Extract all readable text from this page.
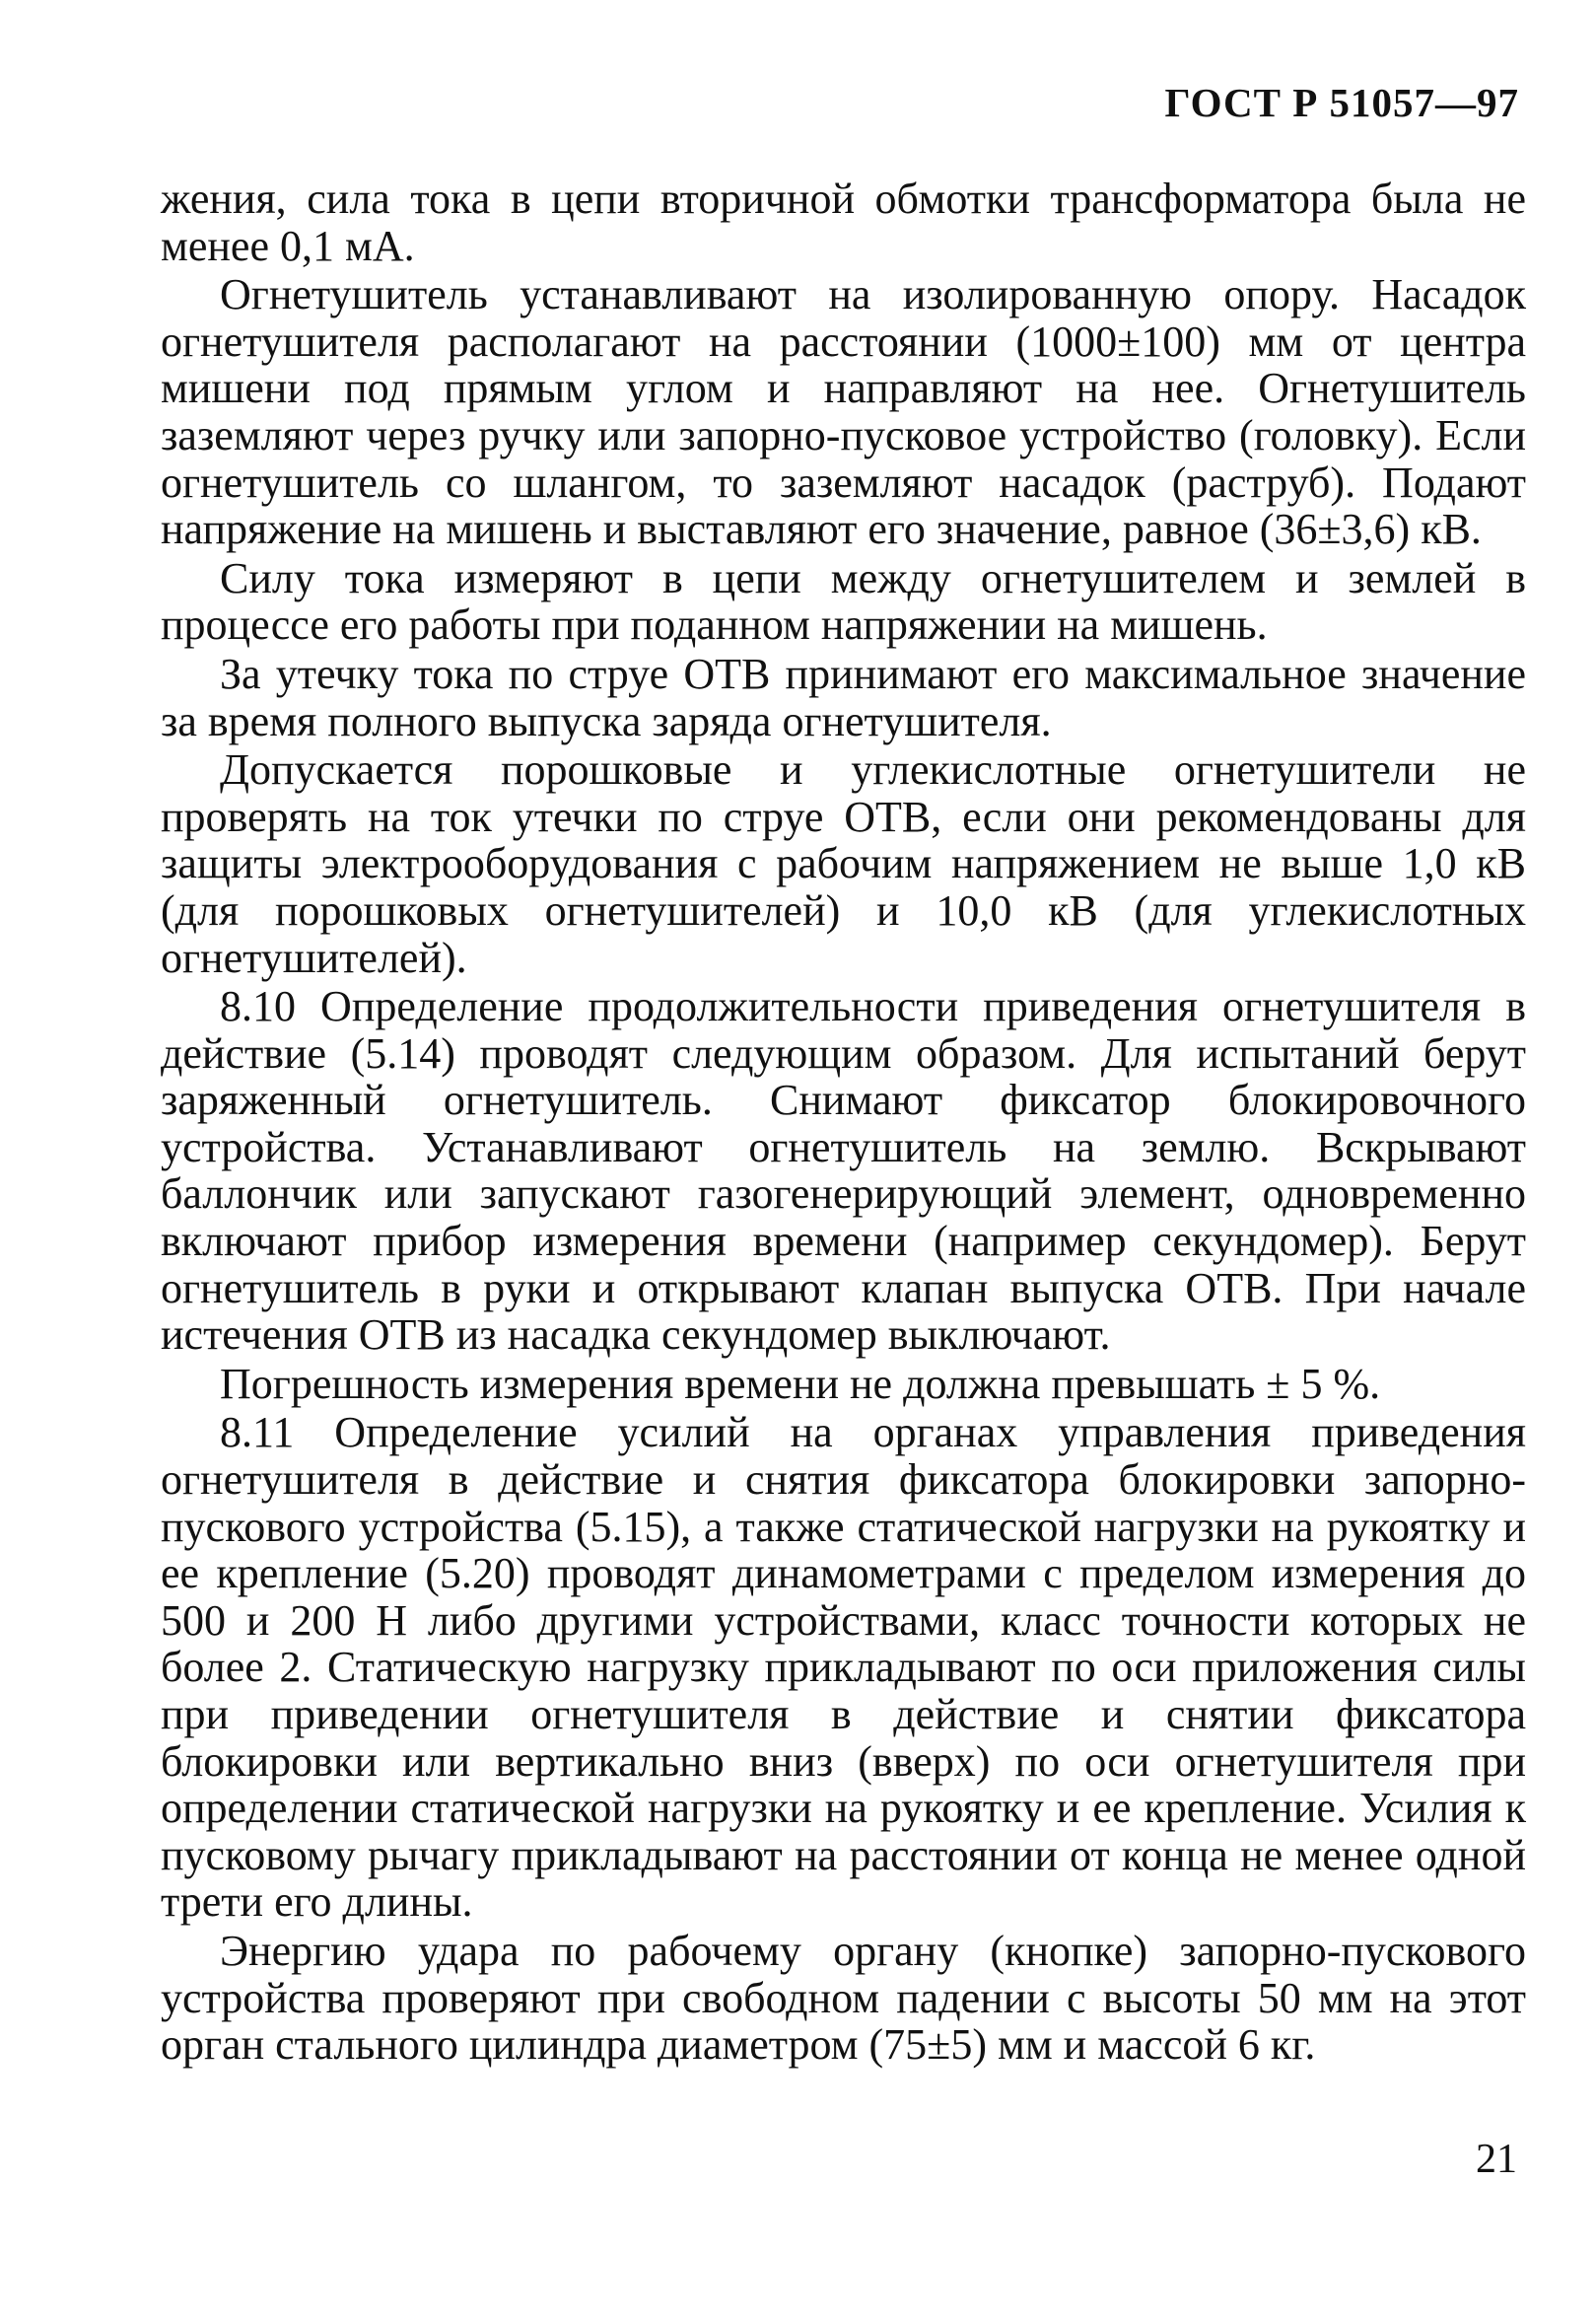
ГОСТ Р 51057—97

жения, сила тока в цепи вторичной обмотки трансформатора была не менее 0,1 мА.

Огнетушитель устанавливают на изолированную опору. Насадок огнетушителя располагают на расстоянии (1000±100) мм от центра мишени под прямым углом и направляют на нее. Огнетушитель заземляют через ручку или запорно-пусковое устройство (головку). Если огнетушитель со шлангом, то заземляют насадок (раструб). Подают напряжение на мишень и выставляют его значение, равное (36±3,6) кВ.

Силу тока измеряют в цепи между огнетушителем и землей в процессе его работы при поданном напряжении на мишень.

За утечку тока по струе ОТВ принимают его максимальное значение за время полного выпуска заряда огнетушителя.

Допускается порошковые и углекислотные огнетушители не проверять на ток утечки по струе ОТВ, если они рекомендованы для защиты электрооборудования с рабочим напряжением не выше 1,0 кВ (для порошковых огнетушителей) и 10,0 кВ (для углекислотных огнетушителей).

8.10 Определение продолжительности приведения огнетушителя в действие (5.14) проводят следующим образом. Для испытаний берут заряженный огнетушитель. Снимают фиксатор блокировочного устройства. Устанавливают огнетушитель на землю. Вскрывают баллончик или запускают газогенерирующий элемент, одновременно включают прибор измерения времени (например секундомер). Берут огнетушитель в руки и открывают клапан выпуска ОТВ. При начале истечения ОТВ из насадка секундомер выключают.

Погрешность измерения времени не должна превышать ± 5 %.

8.11 Определение усилий на органах управления приведения огнетушителя в действие и снятия фиксатора блокировки запорно-пускового устройства (5.15), а также статической нагрузки на рукоятку и ее крепление (5.20) проводят динамометрами с пределом измерения до 500 и 200 Н либо другими устройствами, класс точности которых не более 2. Статическую нагрузку прикладывают по оси приложения силы при приведении огнетушителя в действие и снятии фиксатора блокировки или вертикально вниз (вверх) по оси огнетушителя при определении статической нагрузки на рукоятку и ее крепление. Усилия к пусковому рычагу прикладывают на расстоянии от конца не менее одной трети его длины.

Энергию удара по рабочему органу (кнопке) запорно-пускового устройства проверяют при свободном падении с высоты 50 мм на этот орган стального цилиндра диаметром (75±5) мм и массой 6 кг.

21
